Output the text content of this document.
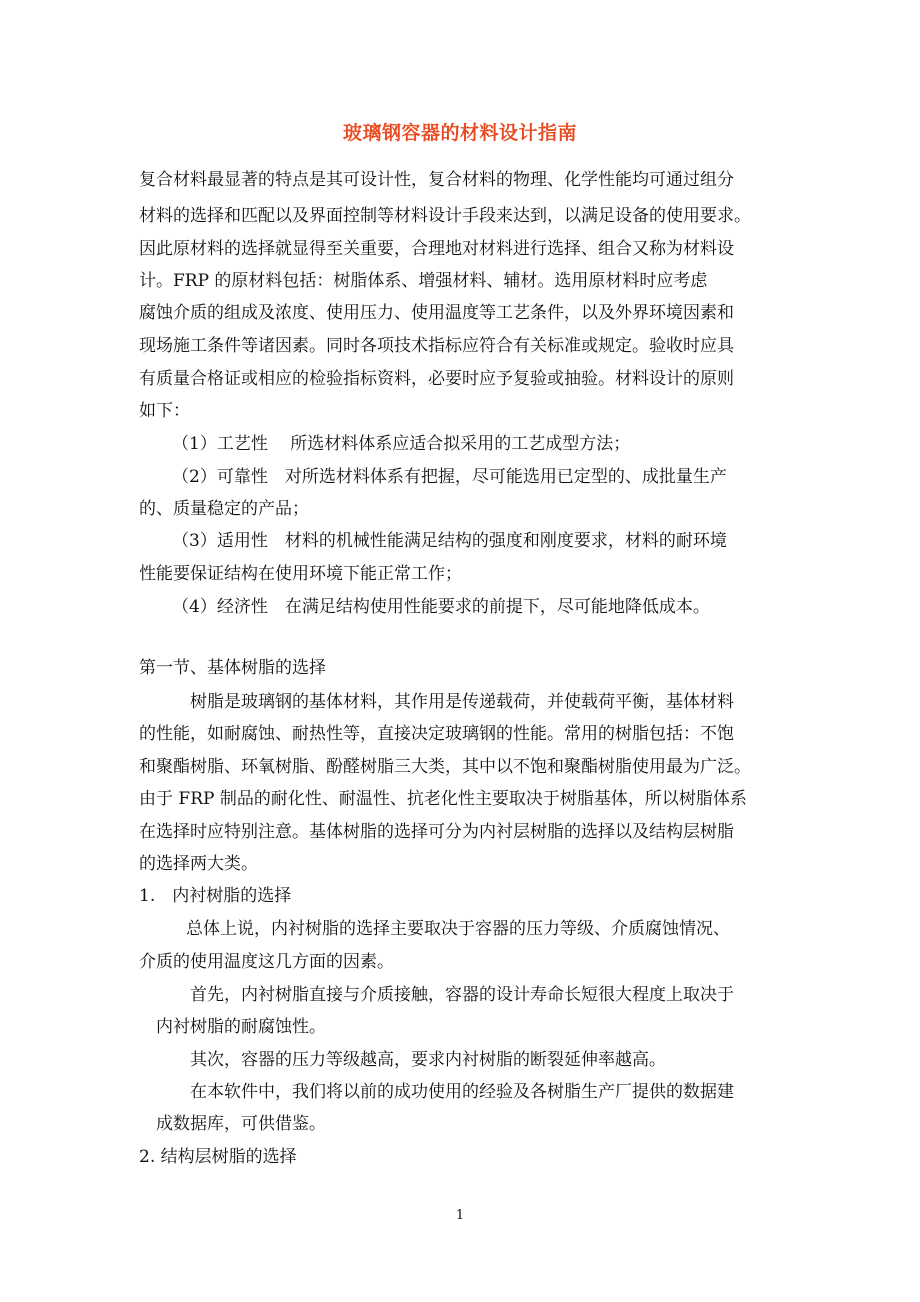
玻璃钢容器的材料设计指南
复合材料最显著的特点是其可设计性，复合材料的物理、化学性能均可通过组分
材料的选择和匹配以及界面控制等材料设计手段来达到，以满足设备的使用要求。
因此原材料的选择就显得至关重要，合理地对材料进行选择、组合又称为材料设
计。FRP 的原材料包括：树脂体系、增强材料、辅材。选用原材料时应考虑
腐蚀介质的组成及浓度、使用压力、使用温度等工艺条件，以及外界环境因素和
现场施工条件等诸因素。同时各项技术指标应符合有关标准或规定。验收时应具
有质量合格证或相应的检验指标资料，必要时应予复验或抽验。材料设计的原则
如下：
（1）工艺性　 所选材料体系应适合拟采用的工艺成型方法；
（2）可靠性　对所选材料体系有把握，尽可能选用已定型的、成批量生产
的、质量稳定的产品；
（3）适用性　材料的机械性能满足结构的强度和刚度要求，材料的耐环境
性能要保证结构在使用环境下能正常工作；
（4）经济性　在满足结构使用性能要求的前提下，尽可能地降低成本。
第一节、基体树脂的选择
树脂是玻璃钢的基体材料，其作用是传递载荷，并使载荷平衡，基体材料
的性能，如耐腐蚀、耐热性等，直接决定玻璃钢的性能。常用的树脂包括：不饱
和聚酯树脂、环氧树脂、酚醛树脂三大类，其中以不饱和聚酯树脂使用最为广泛。
由于 FRP 制品的耐化性、耐温性、抗老化性主要取决于树脂基体，所以树脂体系
在选择时应特别注意。基体树脂的选择可分为内衬层树脂的选择以及结构层树脂
的选择两大类。
1.　内衬树脂的选择
总体上说，内衬树脂的选择主要取决于容器的压力等级、介质腐蚀情况、
介质的使用温度这几方面的因素。
首先，内衬树脂直接与介质接触，容器的设计寿命长短很大程度上取决于
内衬树脂的耐腐蚀性。
其次，容器的压力等级越高，要求内衬树脂的断裂延伸率越高。
在本软件中，我们将以前的成功使用的经验及各树脂生产厂提供的数据建
成数据库，可供借鉴。
2. 结构层树脂的选择
1
